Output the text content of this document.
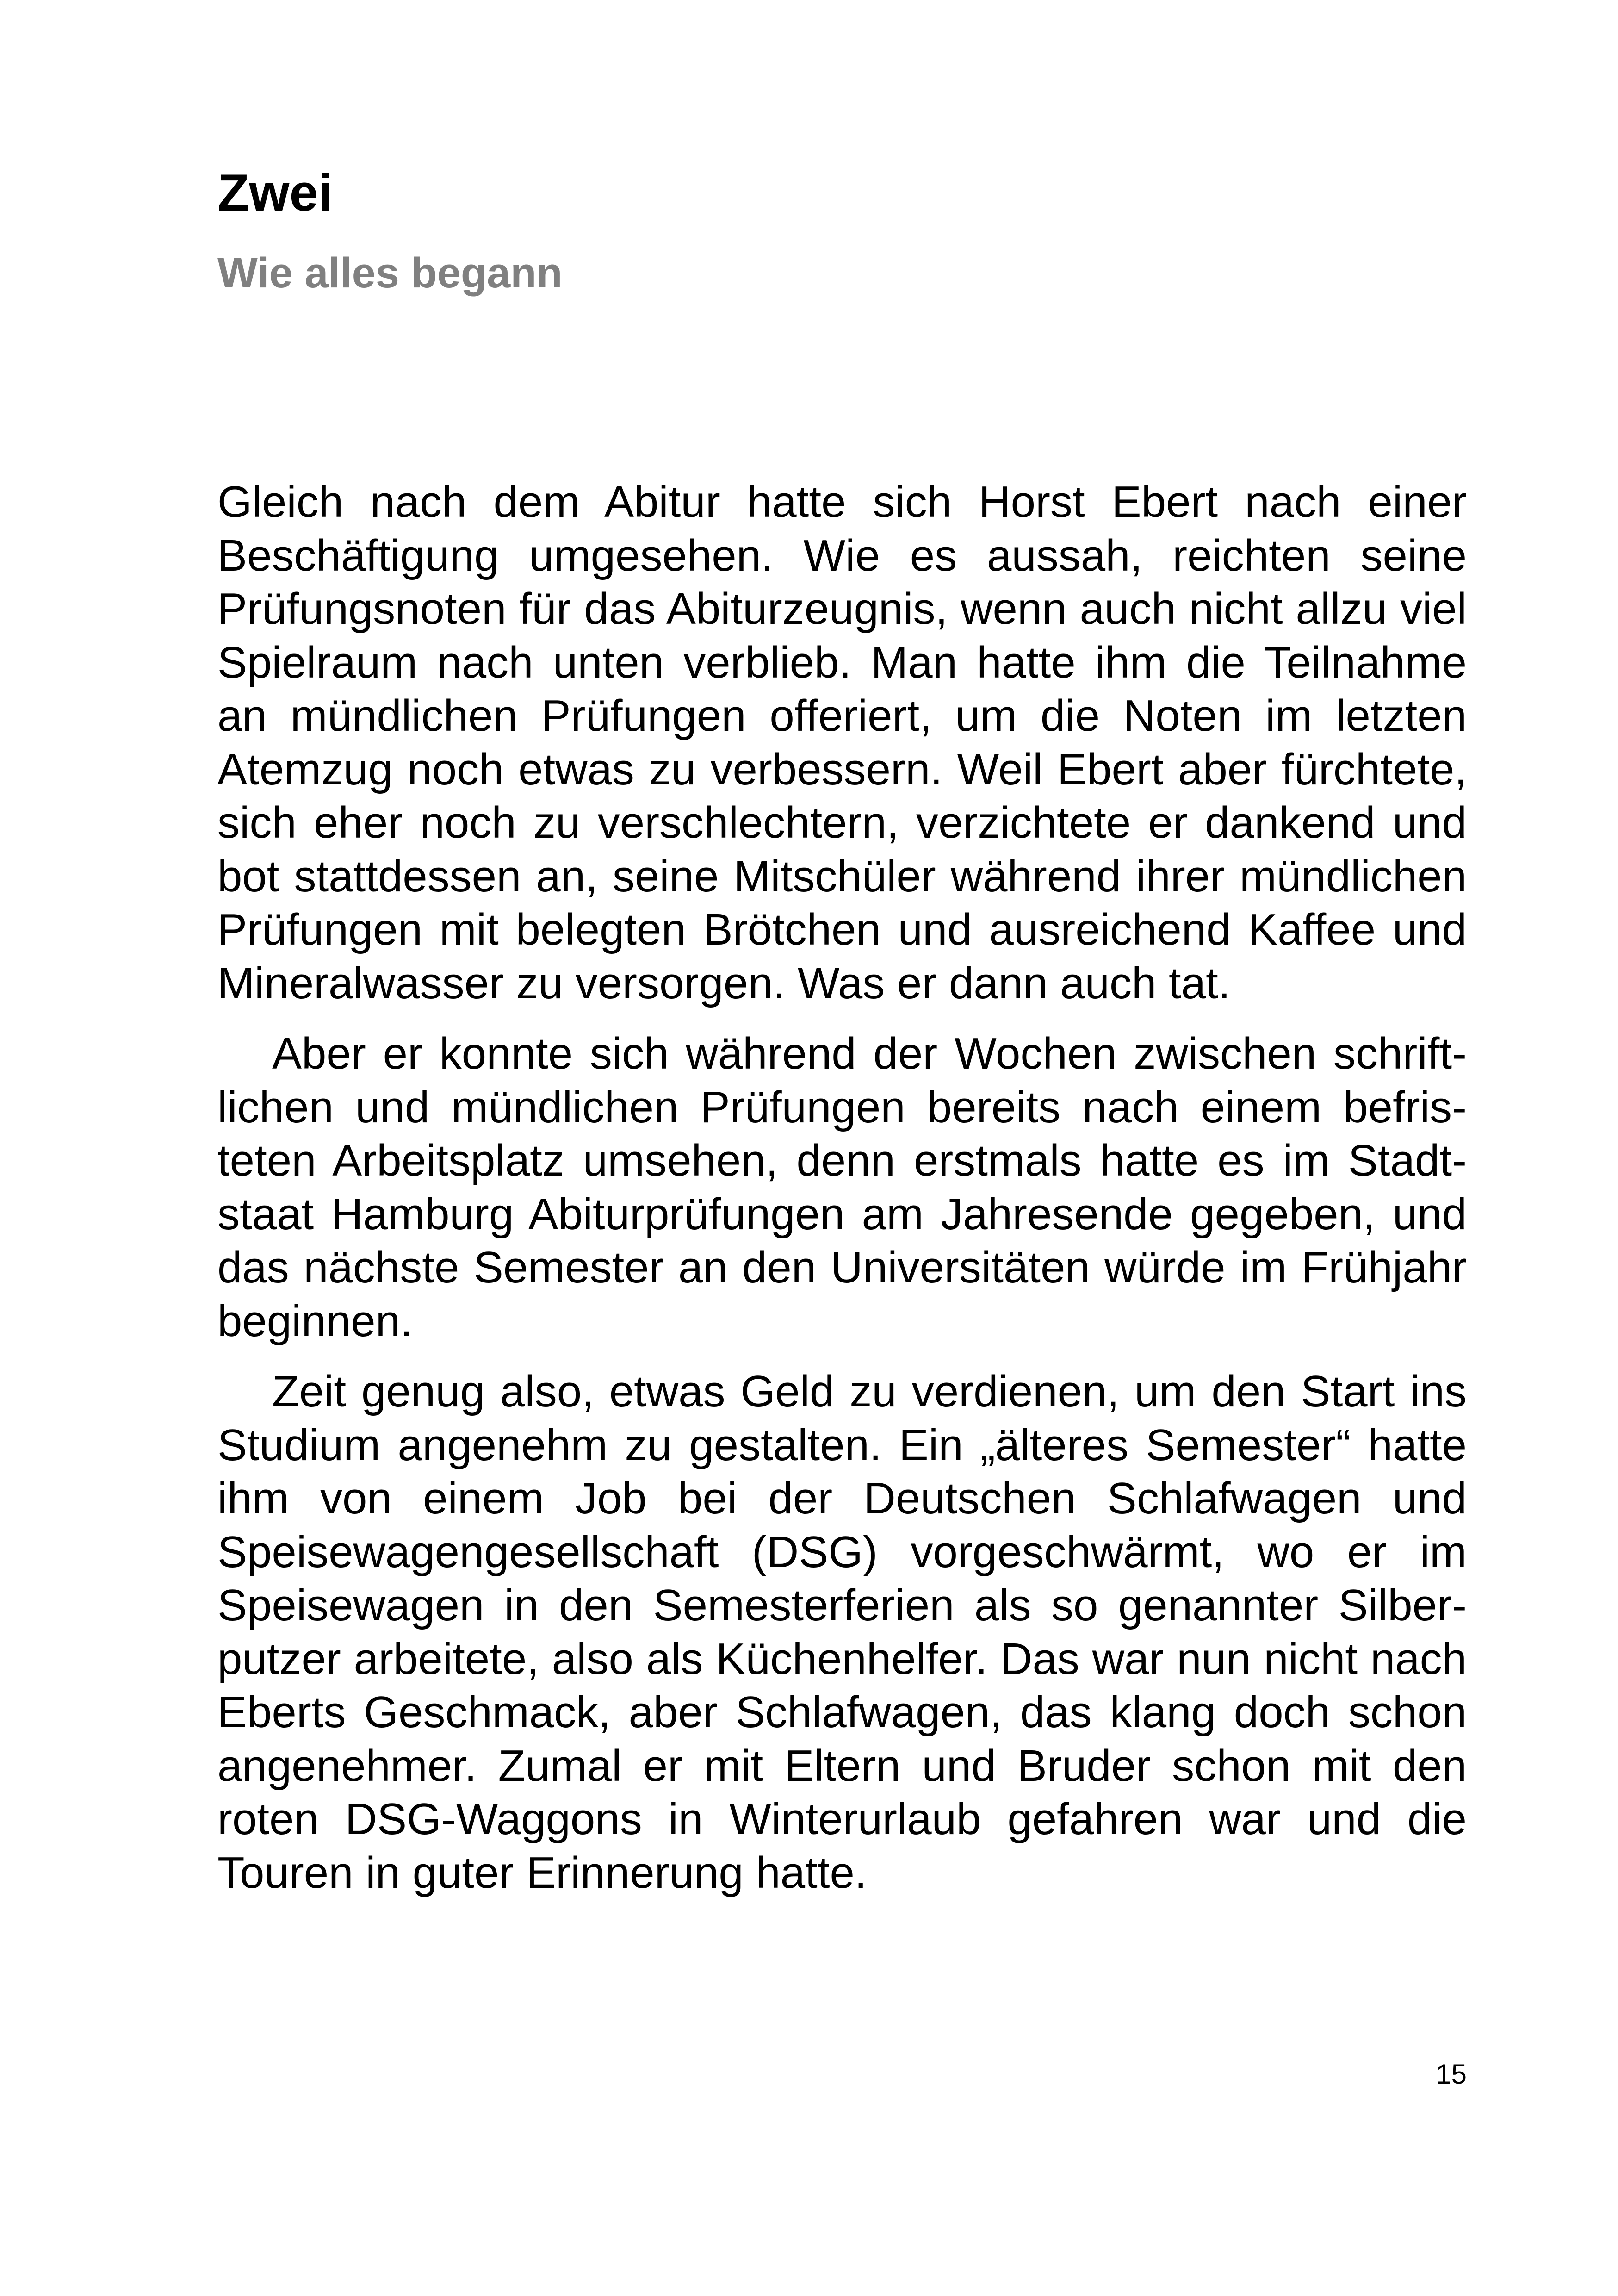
Zwei
Wie alles begann

Gleich nach dem Abitur hatte sich Horst Ebert nach einer Beschäftigung umgesehen. Wie es aussah, reichten seine Prüfungsnoten für das Abiturzeugnis, wenn auch nicht allzu viel Spielraum nach unten verblieb. Man hatte ihm die Teilnahme an mündlichen Prüfungen offeriert, um die Noten im letzten Atemzug noch etwas zu verbessern. Weil Ebert aber fürchtete, sich eher noch zu verschlechtern, verzichtete er dankend und bot stattdessen an, seine Mitschüler während ihrer mündlichen Prüfungen mit belegten Brötchen und ausreichend Kaffee und Mineralwasser zu versorgen. Was er dann auch tat.

Aber er konnte sich während der Wochen zwischen schriftlichen und mündlichen Prüfungen bereits nach einem befristeten Arbeitsplatz umsehen, denn erstmals hatte es im Stadtstaat Hamburg Abiturprüfungen am Jahresende gegeben, und das nächste Semester an den Universitäten würde im Frühjahr beginnen.

Zeit genug also, etwas Geld zu verdienen, um den Start ins Studium angenehm zu gestalten. Ein „älteres Semester“ hatte ihm von einem Job bei der Deutschen Schlafwagen und Speisewagengesellschaft (DSG) vorgeschwärmt, wo er im Speisewagen in den Semesterferien als so genannter Silberputzer arbeitete, also als Küchenhelfer. Das war nun nicht nach Eberts Geschmack, aber Schlafwagen, das klang doch schon angenehmer. Zumal er mit Eltern und Bruder schon mit den roten DSG-Waggons in Winterurlaub gefahren war und die Touren in guter Erinnerung hatte.

15
